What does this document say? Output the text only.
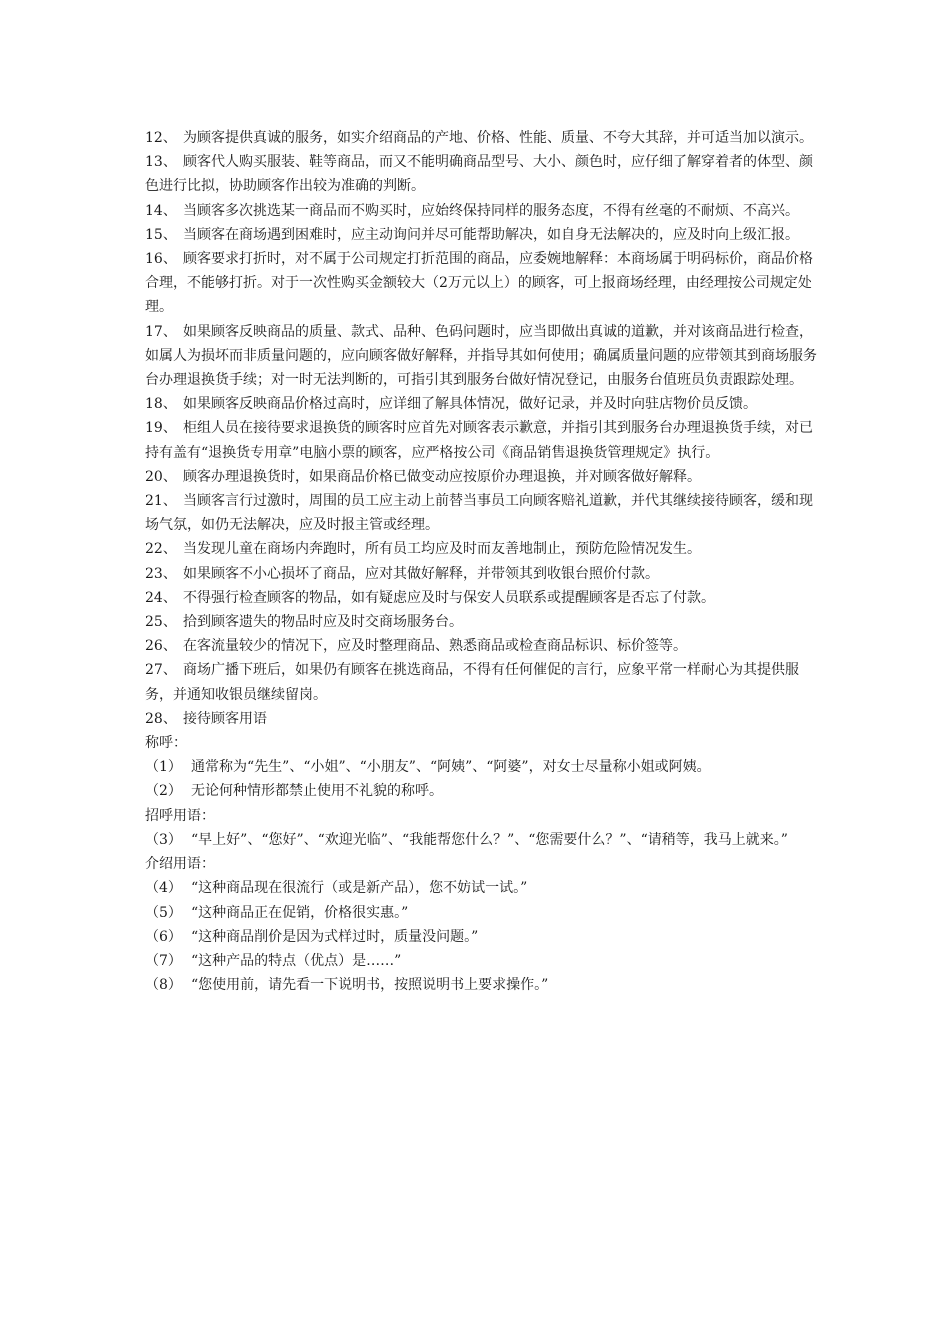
12、 为顾客提供真诚的服务，如实介绍商品的产地、价格、性能、质量、不夸大其辞，并可适当加以演示。

13、 顾客代人购买服装、鞋等商品，而又不能明确商品型号、大小、颜色时，应仔细了解穿着者的体型、颜色进行比拟，协助顾客作出较为准确的判断。

14、 当顾客多次挑选某一商品而不购买时，应始终保持同样的服务态度，不得有丝毫的不耐烦、不高兴。

15、 当顾客在商场遇到困难时，应主动询问并尽可能帮助解决，如自身无法解决的，应及时向上级汇报。

16、 顾客要求打折时，对不属于公司规定打折范围的商品，应委婉地解释：本商场属于明码标价，商品价格合理，不能够打折。对于一次性购买金额较大（2万元以上）的顾客，可上报商场经理，由经理按公司规定处理。

17、 如果顾客反映商品的质量、款式、品种、色码问题时，应当即做出真诚的道歉，并对该商品进行检查，如属人为损坏而非质量问题的，应向顾客做好解释，并指导其如何使用；确属质量问题的应带领其到商场服务台办理退换货手续；对一时无法判断的，可指引其到服务台做好情况登记，由服务台值班员负责跟踪处理。

18、 如果顾客反映商品价格过高时，应详细了解具体情况，做好记录，并及时向驻店物价员反馈。

19、 柜组人员在接待要求退换货的顾客时应首先对顾客表示歉意，并指引其到服务台办理退换货手续，对已持有盖有“退换货专用章”电脑小票的顾客，应严格按公司《商品销售退换货管理规定》执行。

20、 顾客办理退换货时，如果商品价格已做变动应按原价办理退换，并对顾客做好解释。

21、 当顾客言行过激时，周围的员工应主动上前替当事员工向顾客赔礼道歉，并代其继续接待顾客，缓和现场气氛，如仍无法解决，应及时报主管或经理。

22、 当发现儿童在商场内奔跑时，所有员工均应及时而友善地制止，预防危险情况发生。

23、 如果顾客不小心损坏了商品，应对其做好解释，并带领其到收银台照价付款。

24、 不得强行检查顾客的物品，如有疑虑应及时与保安人员联系或提醒顾客是否忘了付款。

25、 拾到顾客遗失的物品时应及时交商场服务台。

26、 在客流量较少的情况下，应及时整理商品、熟悉商品或检查商品标识、标价签等。

27、 商场广播下班后，如果仍有顾客在挑选商品，不得有任何催促的言行，应象平常一样耐心为其提供服务，并通知收银员继续留岗。

28、 接待顾客用语

称呼：

（1） 通常称为“先生”、“小姐”、“小朋友”、“阿姨”、“阿婆”，对女士尽量称小姐或阿姨。

（2） 无论何种情形都禁止使用不礼貌的称呼。

招呼用语：

（3） “早上好”、“您好”、“欢迎光临”、“我能帮您什么？”、“您需要什么？”、“请稍等，我马上就来。”

介绍用语：

（4） “这种商品现在很流行（或是新产品），您不妨试一试。”

（5） “这种商品正在促销，价格很实惠。”

（6） “这种商品削价是因为式样过时，质量没问题。”

（7） “这种产品的特点（优点）是……”

（8） “您使用前，请先看一下说明书，按照说明书上要求操作。”
